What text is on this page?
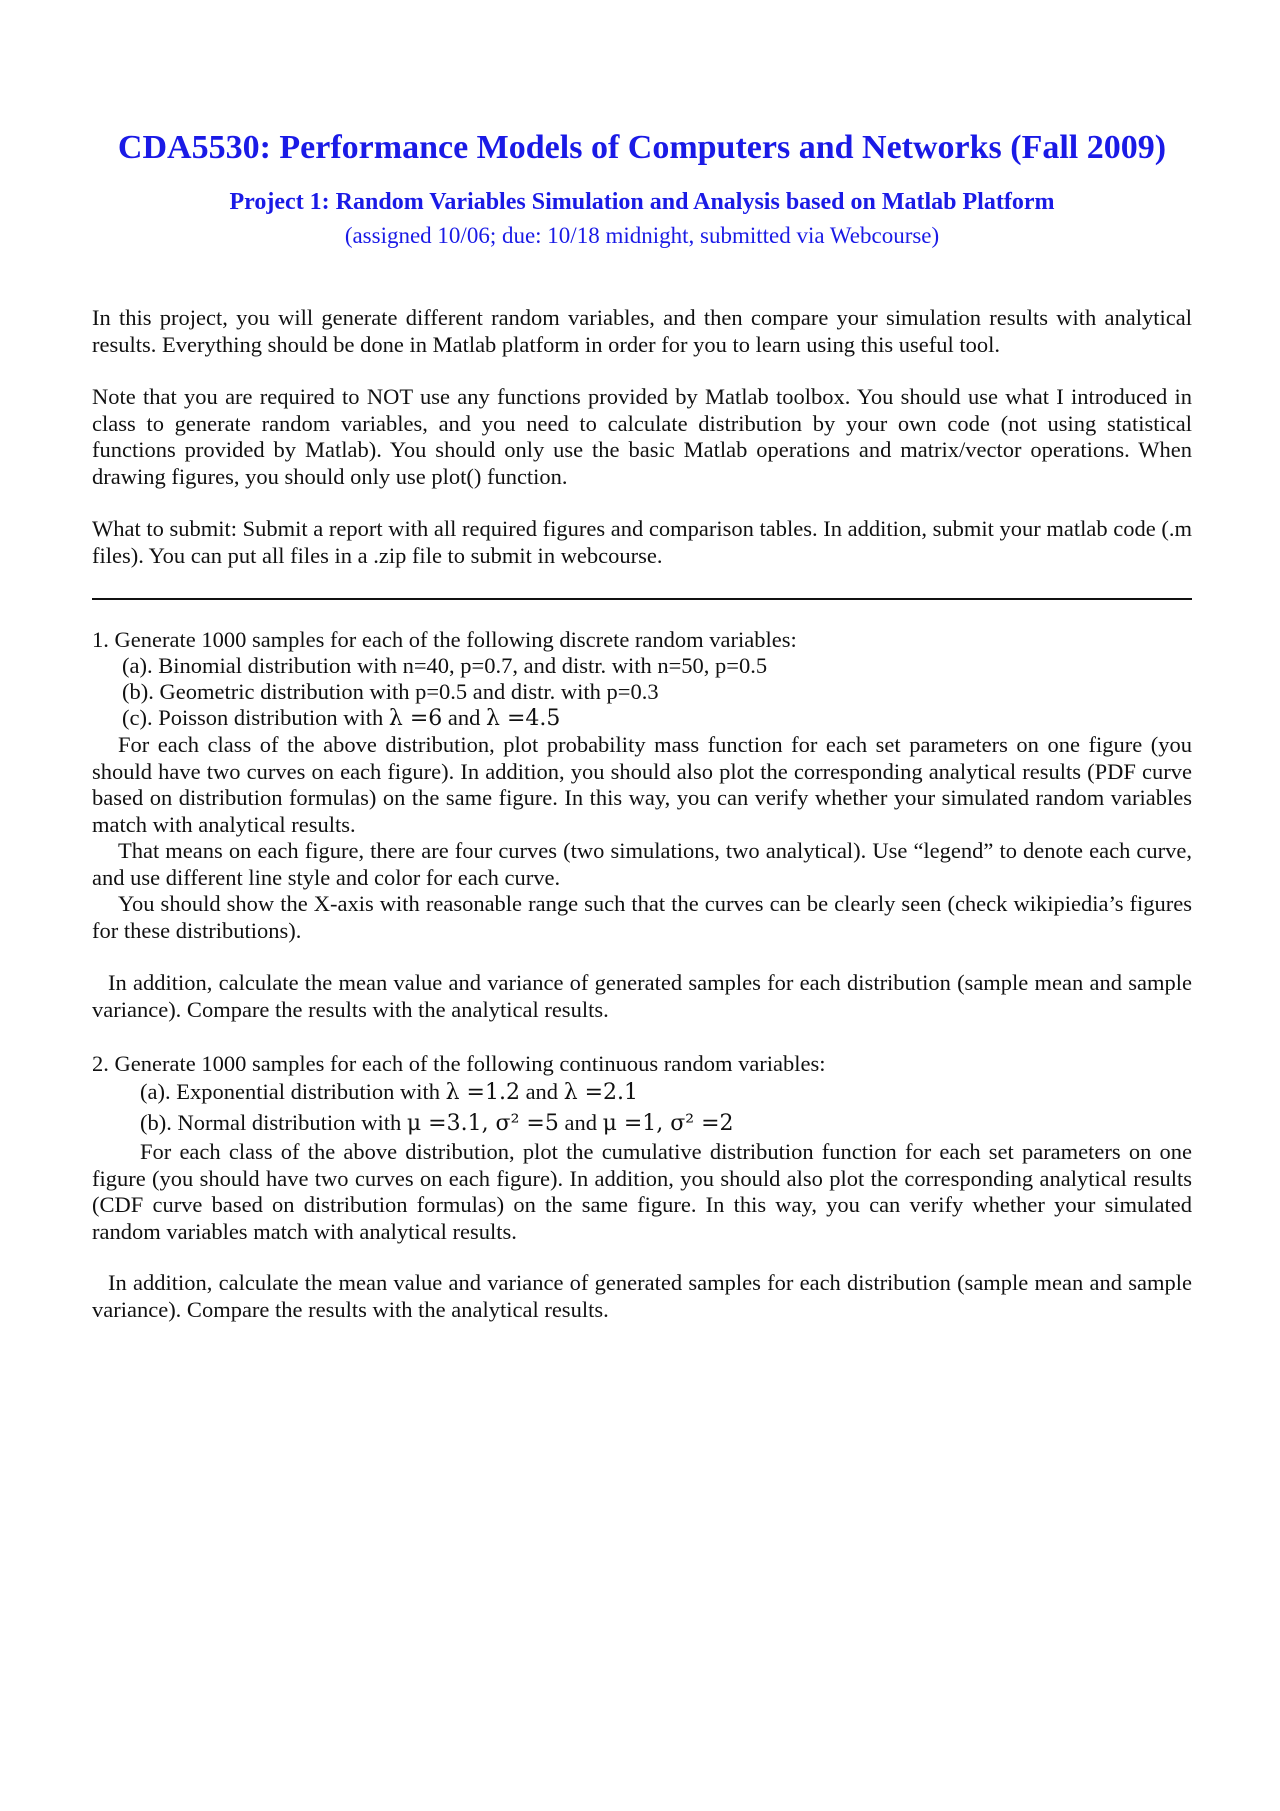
CDA5530: Performance Models of Computers and Networks (Fall 2009)
Project 1: Random Variables Simulation and Analysis based on Matlab Platform
(assigned 10/06; due: 10/18 midnight, submitted via Webcourse)
In this project, you will generate different random variables, and then compare your simulation results with analytical results. Everything should be done in Matlab platform in order for you to learn using this useful tool.
Note that you are required to NOT use any functions provided by Matlab toolbox. You should use what I introduced in class to generate random variables, and you need to calculate distribution by your own code (not using statistical functions provided by Matlab). You should only use the basic Matlab operations and matrix/vector operations. When drawing figures, you should only use plot() function.
What to submit: Submit a report with all required figures and comparison tables. In addition, submit your matlab code (.m files). You can put all files in a .zip file to submit in webcourse.
1. Generate 1000 samples for each of the following discrete random variables:
(a). Binomial distribution with n=40, p=0.7, and distr. with n=50, p=0.5
(b). Geometric distribution with p=0.5 and distr. with p=0.3
(c). Poisson distribution with λ =6 and λ =4.5
For each class of the above distribution, plot probability mass function for each set parameters on one figure (you should have two curves on each figure). In addition, you should also plot the corresponding analytical results (PDF curve based on distribution formulas) on the same figure. In this way, you can verify whether your simulated random variables match with analytical results.
That means on each figure, there are four curves (two simulations, two analytical). Use “legend” to denote each curve, and use different line style and color for each curve.
You should show the X-axis with reasonable range such that the curves can be clearly seen (check wikipiedia’s figures for these distributions).
In addition, calculate the mean value and variance of generated samples for each distribution (sample mean and sample variance). Compare the results with the analytical results.
2. Generate 1000 samples for each of the following continuous random variables:
(a). Exponential distribution with λ =1.2 and λ =2.1
(b). Normal distribution with μ =3.1, σ² =5 and μ =1, σ² =2
For each class of the above distribution, plot the cumulative distribution function for each set parameters on one figure (you should have two curves on each figure). In addition, you should also plot the corresponding analytical results (CDF curve based on distribution formulas) on the same figure. In this way, you can verify whether your simulated random variables match with analytical results.
In addition, calculate the mean value and variance of generated samples for each distribution (sample mean and sample variance). Compare the results with the analytical results.
